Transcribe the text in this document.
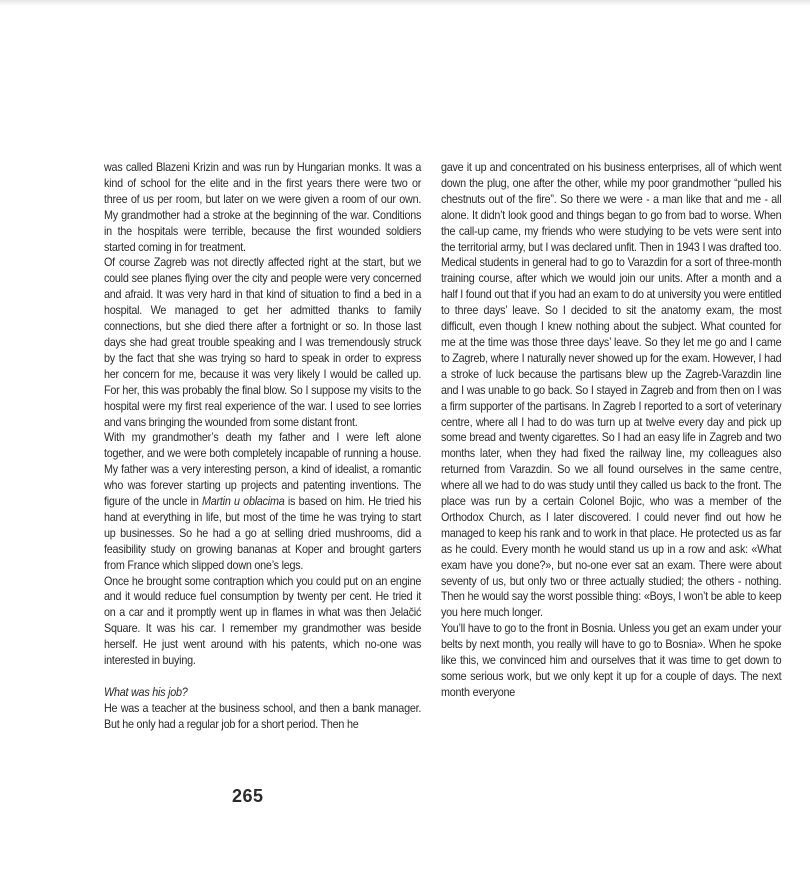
was called Blazeni Krizin and was run by Hungarian monks. It was a kind of school for the elite and in the first years there were two or three of us per room, but later on we were given a room of our own. My grandmother had a stroke at the beginning of the war. Conditions in the hospitals were terrible, because the first wounded soldiers started coming in for treatment.

Of course Zagreb was not directly affected right at the start, but we could see planes flying over the city and people were very concerned and afraid. It was very hard in that kind of situation to find a bed in a hospital. We managed to get her admitted thanks to family connections, but she died there after a fortnight or so. In those last days she had great trouble speaking and I was tremendously struck by the fact that she was trying so hard to speak in order to express her concern for me, because it was very likely I would be called up. For her, this was probably the final blow. So I suppose my visits to the hospital were my first real experience of the war. I used to see lorries and vans bringing the wounded from some distant front.

With my grandmother’s death my father and I were left alone together, and we were both completely incapable of running a house. My father was a very interesting person, a kind of idealist, a romantic who was forever starting up projects and patenting inventions. The figure of the uncle in Martin u oblacima is based on him. He tried his hand at everything in life, but most of the time he was trying to start up businesses. So he had a go at selling dried mushrooms, did a feasibility study on growing bananas at Koper and brought garters from France which slipped down one’s legs.

Once he brought some contraption which you could put on an engine and it would reduce fuel consumption by twenty per cent. He tried it on a car and it promptly went up in flames in what was then Jelačić Square. It was his car. I remember my grandmother was beside herself. He just went around with his patents, which no-one was interested in buying.

What was his job?

He was a teacher at the business school, and then a bank manager. But he only had a regular job for a short period. Then he

gave it up and concentrated on his business enterprises, all of which went down the plug, one after the other, while my poor grandmother “pulled his chestnuts out of the fire”. So there we were - a man like that and me - all alone. It didn’t look good and things began to go from bad to worse. When the call-up came, my friends who were studying to be vets were sent into the territorial army, but I was declared unfit. Then in 1943 I was drafted too. Medical students in general had to go to Varazdin for a sort of three-month training course, after which we would join our units. After a month and a half I found out that if you had an exam to do at university you were entitled to three days’ leave. So I decided to sit the anatomy exam, the most difficult, even though I knew nothing about the subject. What counted for me at the time was those three days’ leave. So they let me go and I came to Zagreb, where I naturally never showed up for the exam. However, I had a stroke of luck because the partisans blew up the Zagreb-Varazdin line and I was unable to go back. So I stayed in Zagreb and from then on I was a firm supporter of the partisans. In Zagreb I reported to a sort of veterinary centre, where all I had to do was turn up at twelve every day and pick up some bread and twenty cigarettes. So I had an easy life in Zagreb and two months later, when they had fixed the railway line, my colleagues also returned from Varazdin. So we all found ourselves in the same centre, where all we had to do was study until they called us back to the front. The place was run by a certain Colonel Bojic, who was a member of the Orthodox Church, as I later discovered. I could never find out how he managed to keep his rank and to work in that place. He protected us as far as he could. Every month he would stand us up in a row and ask: «What exam have you done?», but no-one ever sat an exam. There were about seventy of us, but only two or three actually studied; the others - nothing. Then he would say the worst possible thing: «Boys, I won’t be able to keep you here much longer.

You’ll have to go to the front in Bosnia. Unless you get an exam under your belts by next month, you really will have to go to Bosnia». When he spoke like this, we convinced him and ourselves that it was time to get down to some serious work, but we only kept it up for a couple of days. The next month everyone

265
